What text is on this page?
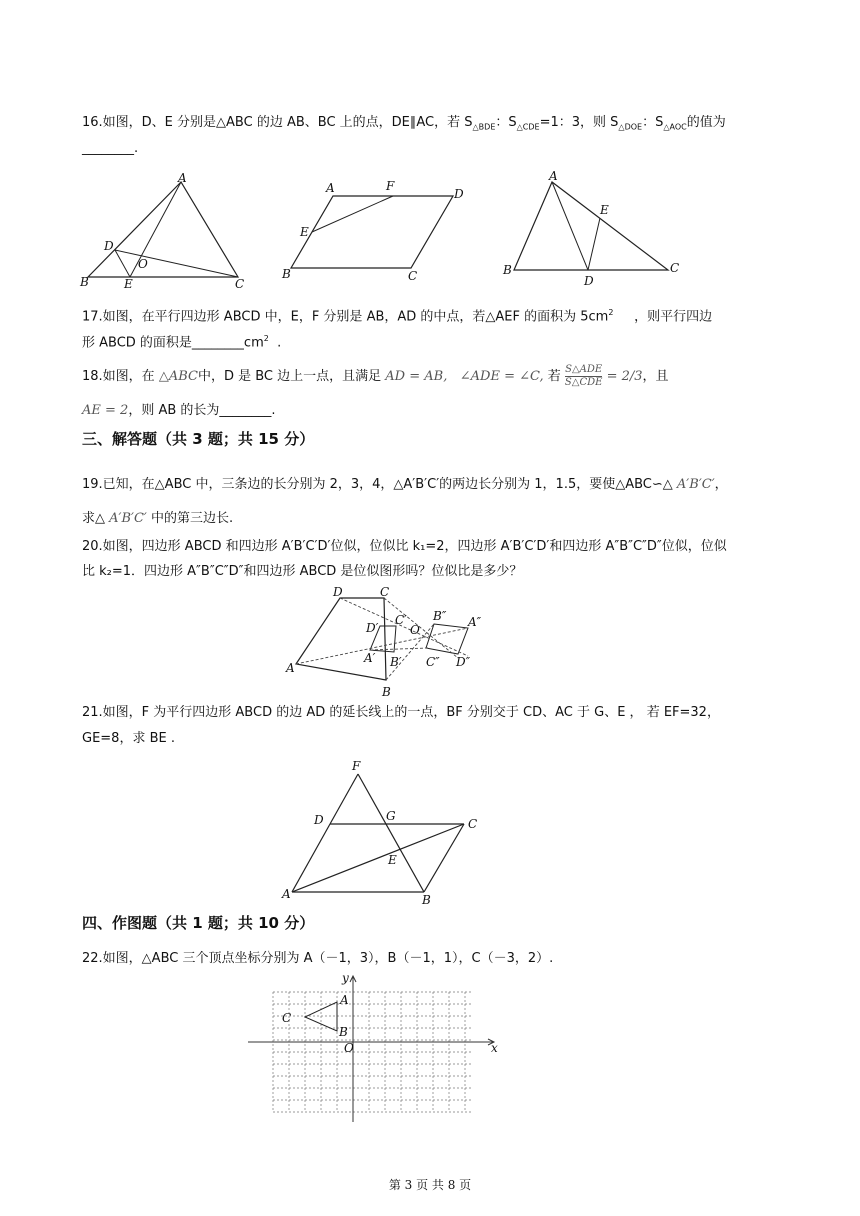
16.如图，D、E 分别是△ABC 的边 AB、BC 上的点，DE∥AC，若 $S_{\triangle BDE}$：$S_{\triangle CDE}=1$：3，则 $S_{\triangle DOE}$：$S_{\triangle AOC}$的值为
________.
A
B	C
D
E
O
A	F
D
E
B	C
A
E
B
D
C
17.如图，在平行四边形 ABCD 中，E，F 分别是 AB，AD 的中点，若△AEF 的面积为 $5cm^2$ ，则平行四边
形 ABCD 的面积是$\_\_\_\_\_\_\_\_cm^2$ .
18.如图，在 △ABC中，D 是 BC 边上一点，且满足 AD = AB, ∠ADE = ∠C, 若 S△ADE
S△CDE = 2/3，且
AE = 2，则 AB 的长为________.
三、解答题（共 3 题；共 15 分）
19.已知，在△ABC 中，三条边的长分别为 2，3，4，△A′B′C′的两边长分别为 1，1.5，要使△ABC∽△ A′B′C′，
求△ A′B′C′ 中的第三边长.
20.如图，四边形 ABCD 和四边形 A′B′C′D′位似，位似比 k₁=2，四边形 A′B′C′D′和四边形 A″B″C″D″位似，位似
比 k₂=1．四边形 A″B″C″D″和四边形 ABCD 是位似图形吗？位似比是多少？
D	C
D′
C′
O
B″ A″
A′ B′ C″ D″
A
B
21.如图，F 为平行四边形 ABCD 的边 AD 的延长线上的一点，BF 分别交于 CD、AC 于 G、E ， 若 EF=32，
GE=8，求 BE .
F
D	G
C
E
A	B
四、作图题（共 1 题；共 10 分）
22.如图，△ABC 三个顶点坐标分别为 A（－1，3），B（－1，1），C（－3，2）.
y
x
O
A
B
C
第 3 页 共 8 页
